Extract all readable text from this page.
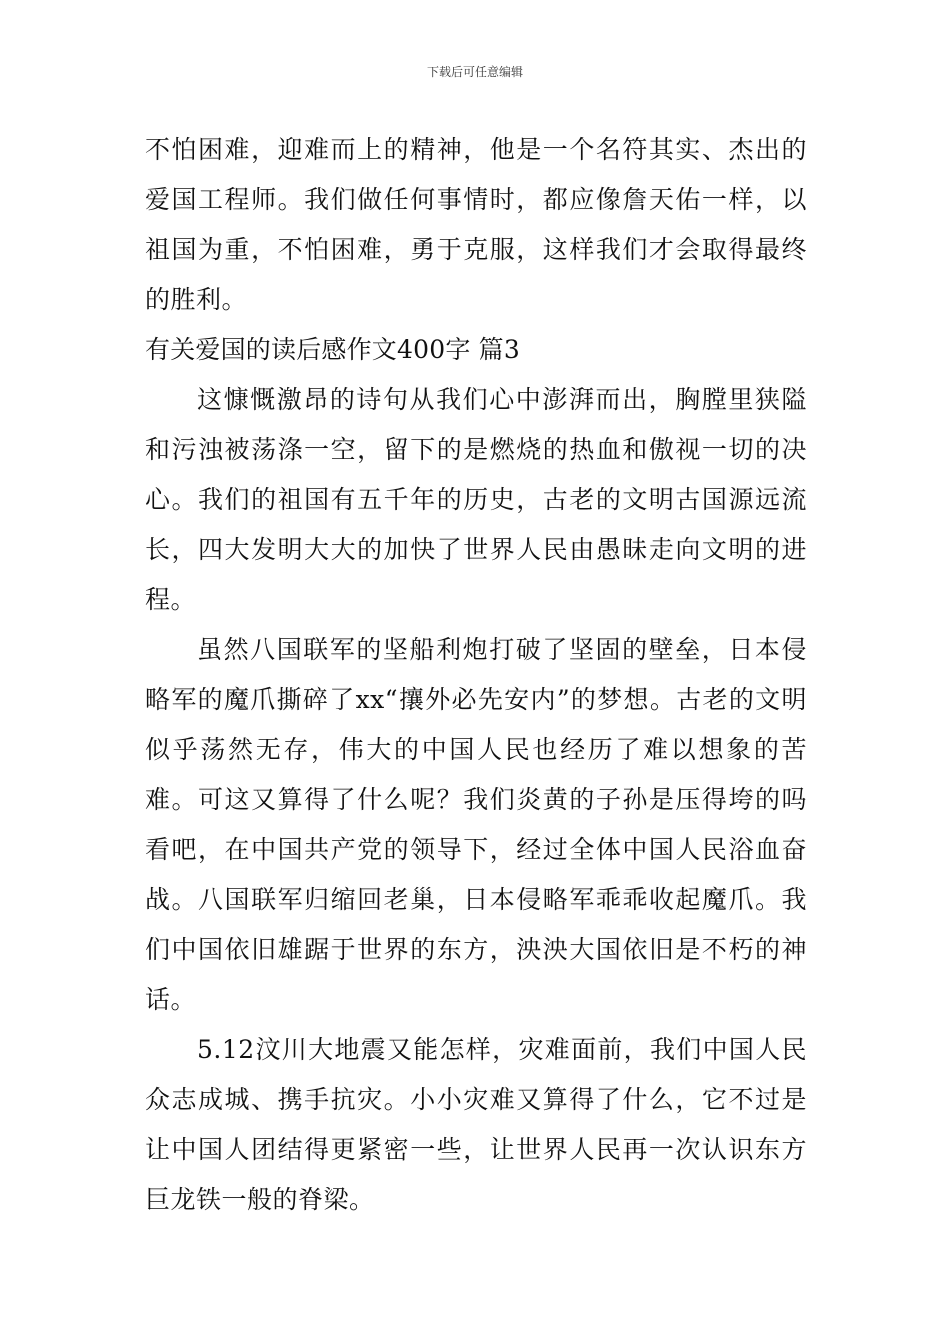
下载后可任意编辑

不怕困难，迎难而上的精神，他是一个名符其实、杰出的爱国工程师。我们做任何事情时，都应像詹天佑一样，以祖国为重，不怕困难，勇于克服，这样我们才会取得最终的胜利。

有关爱国的读后感作文400字 篇3

这慷慨激昂的诗句从我们心中澎湃而出，胸膛里狭隘和污浊被荡涤一空，留下的是燃烧的热血和傲视一切的决心。我们的祖国有五千年的历史，古老的文明古国源远流长，四大发明大大的加快了世界人民由愚昧走向文明的进程。

虽然八国联军的坚船利炮打破了坚固的壁垒，日本侵略军的魔爪撕碎了xx“攘外必先安内”的梦想。古老的文明似乎荡然无存，伟大的中国人民也经历了难以想象的苦难。可这又算得了什么呢？我们炎黄的子孙是压得垮的吗看吧，在中国共产党的领导下，经过全体中国人民浴血奋战。八国联军归缩回老巢，日本侵略军乖乖收起魔爪。我们中国依旧雄踞于世界的东方，泱泱大国依旧是不朽的神话。

5.12汶川大地震又能怎样，灾难面前，我们中国人民众志成城、携手抗灾。小小灾难又算得了什么，它不过是让中国人团结得更紧密一些，让世界人民再一次认识东方巨龙铁一般的脊梁。
